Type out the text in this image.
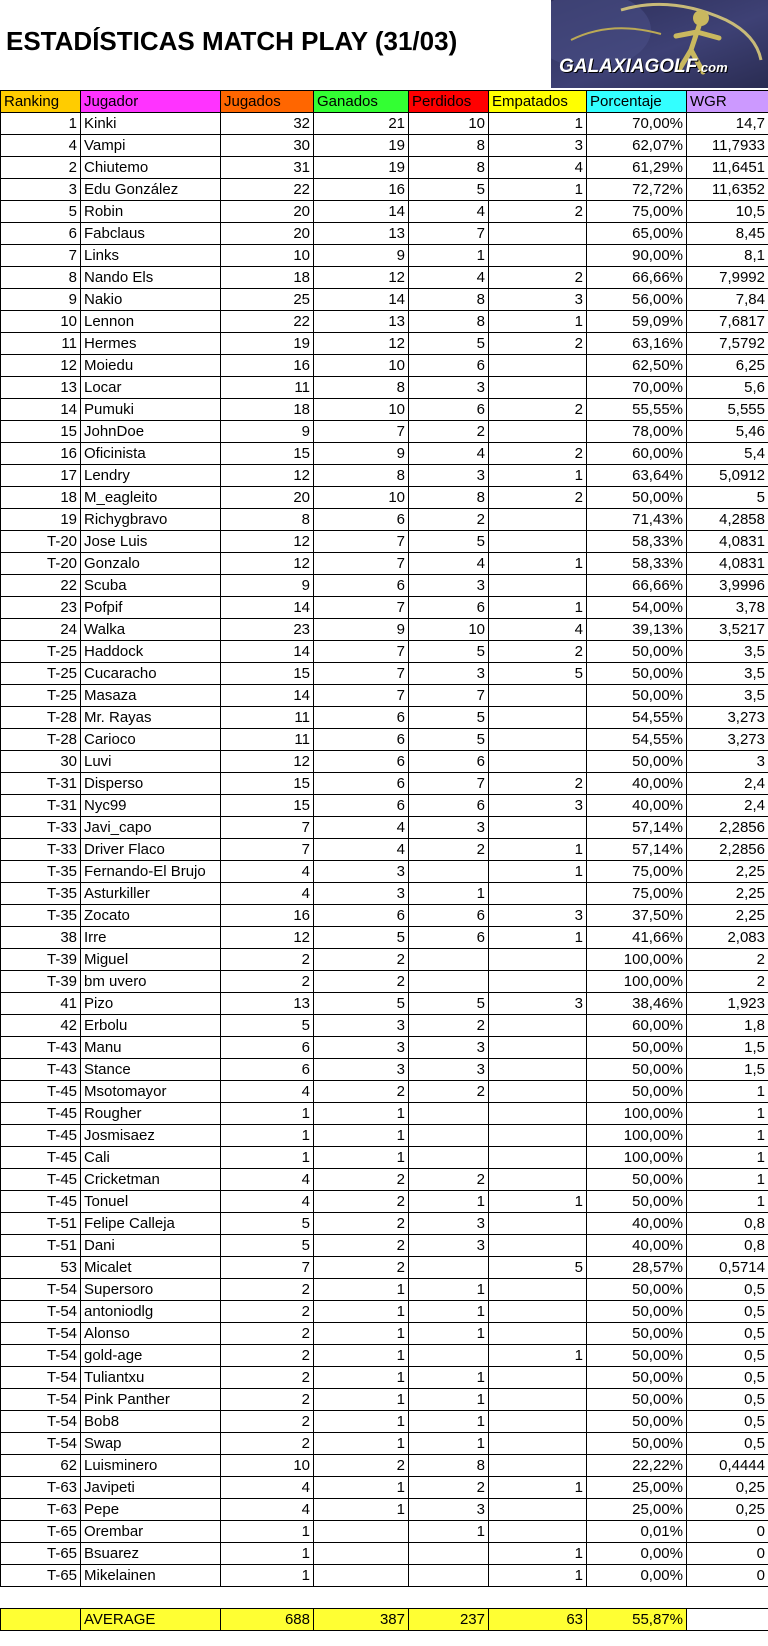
ESTADÍSTICAS MATCH PLAY (31/03)
GALAXIAGOLF.com
Ranking	Jugador	Jugados	Ganados	Perdidos	Empatados	Porcentaje	WGR
1	Kinki	32	21	10	1	70,00%	14,7
4	Vampi	30	19	8	3	62,07%	11,7933
2	Chiutemo	31	19	8	4	61,29%	11,6451
3	Edu González	22	16	5	1	72,72%	11,6352
5	Robin	20	14	4	2	75,00%	10,5
6	Fabclaus	20	13	7		65,00%	8,45
7	Links	10	9	1		90,00%	8,1
8	Nando Els	18	12	4	2	66,66%	7,9992
9	Nakio	25	14	8	3	56,00%	7,84
10	Lennon	22	13	8	1	59,09%	7,6817
11	Hermes	19	12	5	2	63,16%	7,5792
12	Moiedu	16	10	6		62,50%	6,25
13	Locar	11	8	3		70,00%	5,6
14	Pumuki	18	10	6	2	55,55%	5,555
15	JohnDoe	9	7	2		78,00%	5,46
16	Oficinista	15	9	4	2	60,00%	5,4
17	Lendry	12	8	3	1	63,64%	5,0912
18	M_eagleito	20	10	8	2	50,00%	5
19	Richygbravo	8	6	2		71,43%	4,2858
T-20	Jose Luis	12	7	5		58,33%	4,0831
T-20	Gonzalo	12	7	4	1	58,33%	4,0831
22	Scuba	9	6	3		66,66%	3,9996
23	Pofpif	14	7	6	1	54,00%	3,78
24	Walka	23	9	10	4	39,13%	3,5217
T-25	Haddock	14	7	5	2	50,00%	3,5
T-25	Cucaracho	15	7	3	5	50,00%	3,5
T-25	Masaza	14	7	7		50,00%	3,5
T-28	Mr. Rayas	11	6	5		54,55%	3,273
T-28	Carioco	11	6	5		54,55%	3,273
30	Luvi	12	6	6		50,00%	3
T-31	Disperso	15	6	7	2	40,00%	2,4
T-31	Nyc99	15	6	6	3	40,00%	2,4
T-33	Javi_capo	7	4	3		57,14%	2,2856
T-33	Driver Flaco	7	4	2	1	57,14%	2,2856
T-35	Fernando-El Brujo	4	3		1	75,00%	2,25
T-35	Asturkiller	4	3	1		75,00%	2,25
T-35	Zocato	16	6	6	3	37,50%	2,25
38	Irre	12	5	6	1	41,66%	2,083
T-39	Miguel	2	2			100,00%	2
T-39	bm uvero	2	2			100,00%	2
41	Pizo	13	5	5	3	38,46%	1,923
42	Erbolu	5	3	2		60,00%	1,8
T-43	Manu	6	3	3		50,00%	1,5
T-43	Stance	6	3	3		50,00%	1,5
T-45	Msotomayor	4	2	2		50,00%	1
T-45	Rougher	1	1			100,00%	1
T-45	Josmisaez	1	1			100,00%	1
T-45	Cali	1	1			100,00%	1
T-45	Cricketman	4	2	2		50,00%	1
T-45	Tonuel	4	2	1	1	50,00%	1
T-51	Felipe Calleja	5	2	3		40,00%	0,8
T-51	Dani	5	2	3		40,00%	0,8
53	Micalet	7	2		5	28,57%	0,5714
T-54	Supersoro	2	1	1		50,00%	0,5
T-54	antoniodlg	2	1	1		50,00%	0,5
T-54	Alonso	2	1	1		50,00%	0,5
T-54	gold-age	2	1		1	50,00%	0,5
T-54	Tuliantxu	2	1	1		50,00%	0,5
T-54	Pink Panther	2	1	1		50,00%	0,5
T-54	Bob8	2	1	1		50,00%	0,5
T-54	Swap	2	1	1		50,00%	0,5
62	Luisminero	10	2	8		22,22%	0,4444
T-63	Javipeti	4	1	2	1	25,00%	0,25
T-63	Pepe	4	1	3		25,00%	0,25
T-65	Orembar	1		1		0,01%	0
T-65	Bsuarez	1			1	0,00%	0
T-65	Mikelainen	1			1	0,00%	0

	AVERAGE	688	387	237	63	55,87%	
